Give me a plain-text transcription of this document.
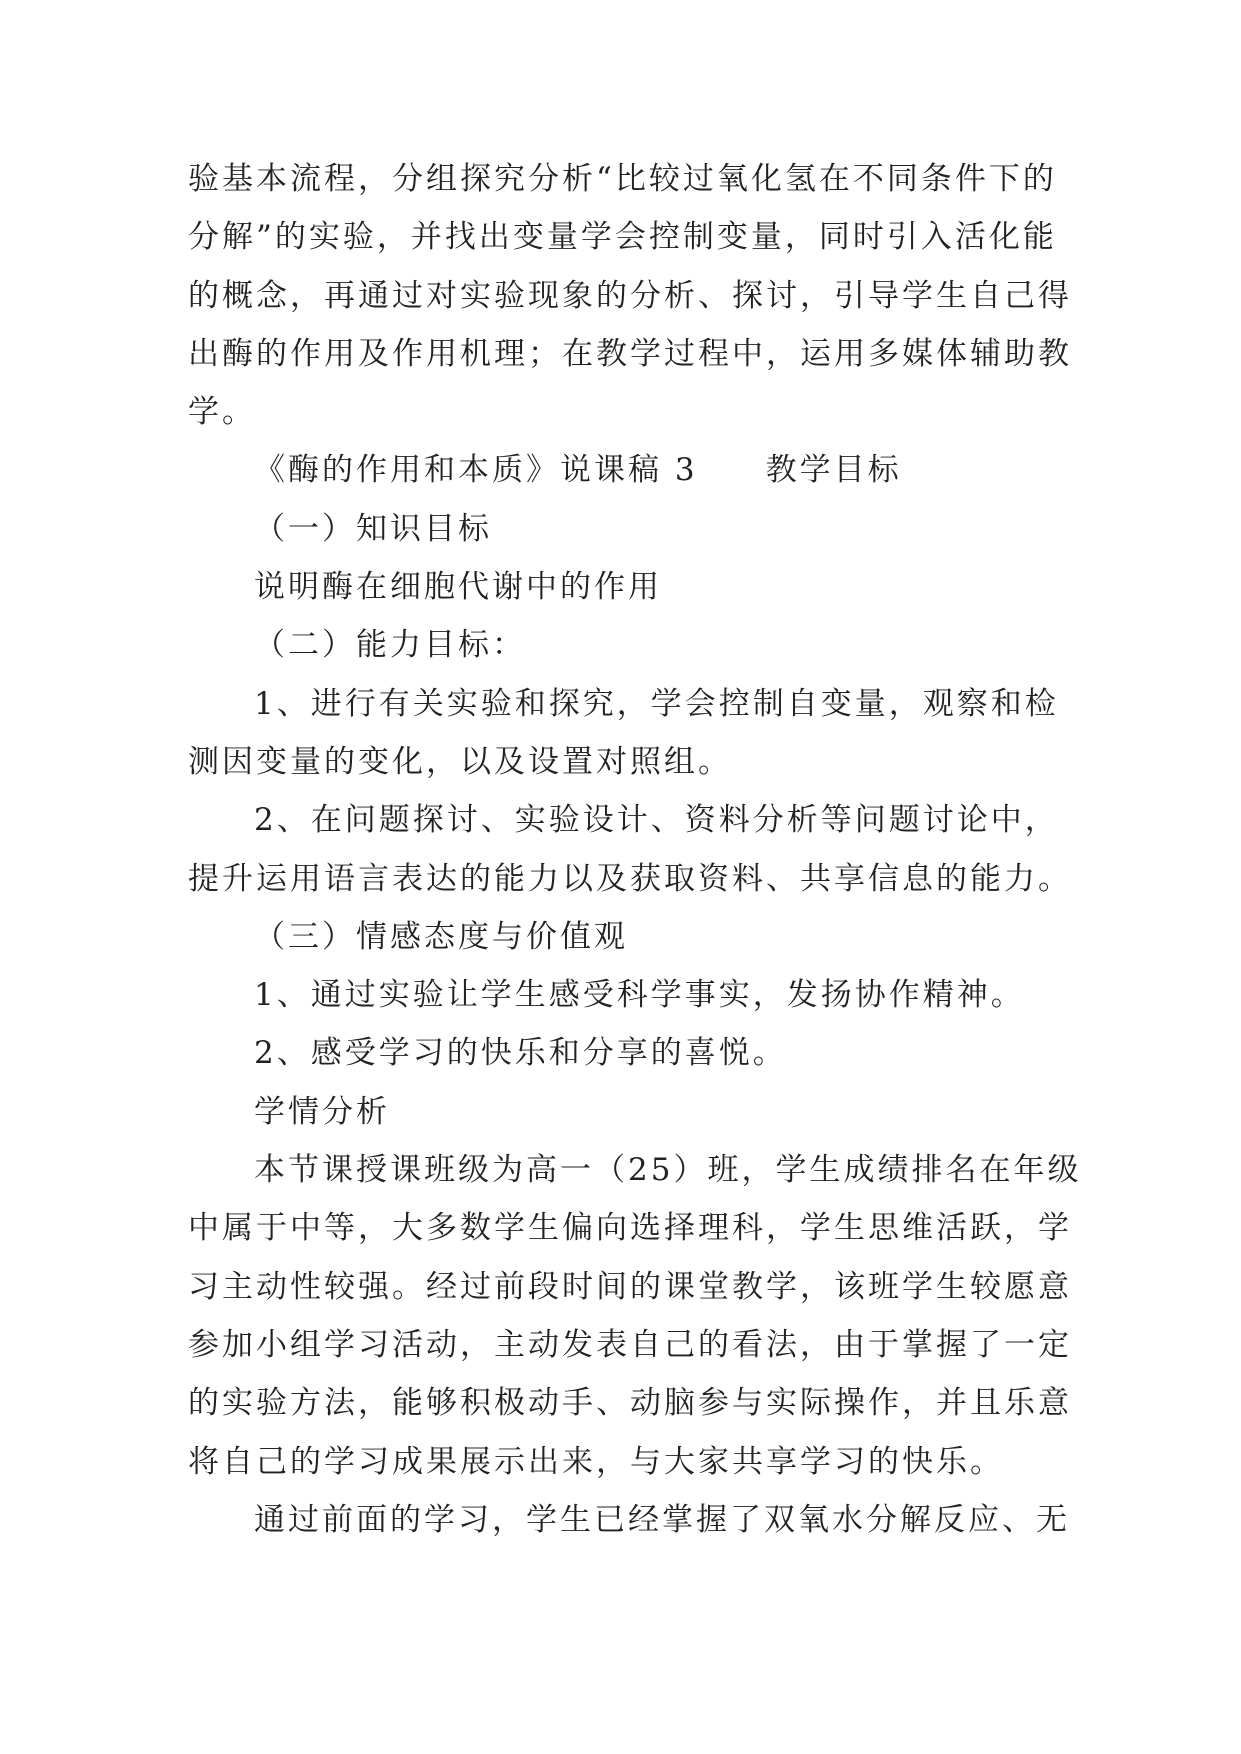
验基本流程，分组探究分析“比较过氧化氢在不同条件下的
分解”的实验，并找出变量学会控制变量，同时引入活化能
的概念，再通过对实验现象的分析、探讨，引导学生自己得
出酶的作用及作用机理；在教学过程中，运用多媒体辅助教
学。
《酶的作用和本质》说课稿 3　　教学目标
（一）知识目标
说明酶在细胞代谢中的作用
（二）能力目标：
1、进行有关实验和探究，学会控制自变量，观察和检
测因变量的变化，以及设置对照组。
2、在问题探讨、实验设计、资料分析等问题讨论中，
提升运用语言表达的能力以及获取资料、共享信息的能力。
（三）情感态度与价值观
1、通过实验让学生感受科学事实，发扬协作精神。
2、感受学习的快乐和分享的喜悦。
学情分析
本节课授课班级为高一（25）班，学生成绩排名在年级
中属于中等，大多数学生偏向选择理科，学生思维活跃，学
习主动性较强。经过前段时间的课堂教学，该班学生较愿意
参加小组学习活动，主动发表自己的看法，由于掌握了一定
的实验方法，能够积极动手、动脑参与实际操作，并且乐意
将自己的学习成果展示出来，与大家共享学习的快乐。
通过前面的学习，学生已经掌握了双氧水分解反应、无
